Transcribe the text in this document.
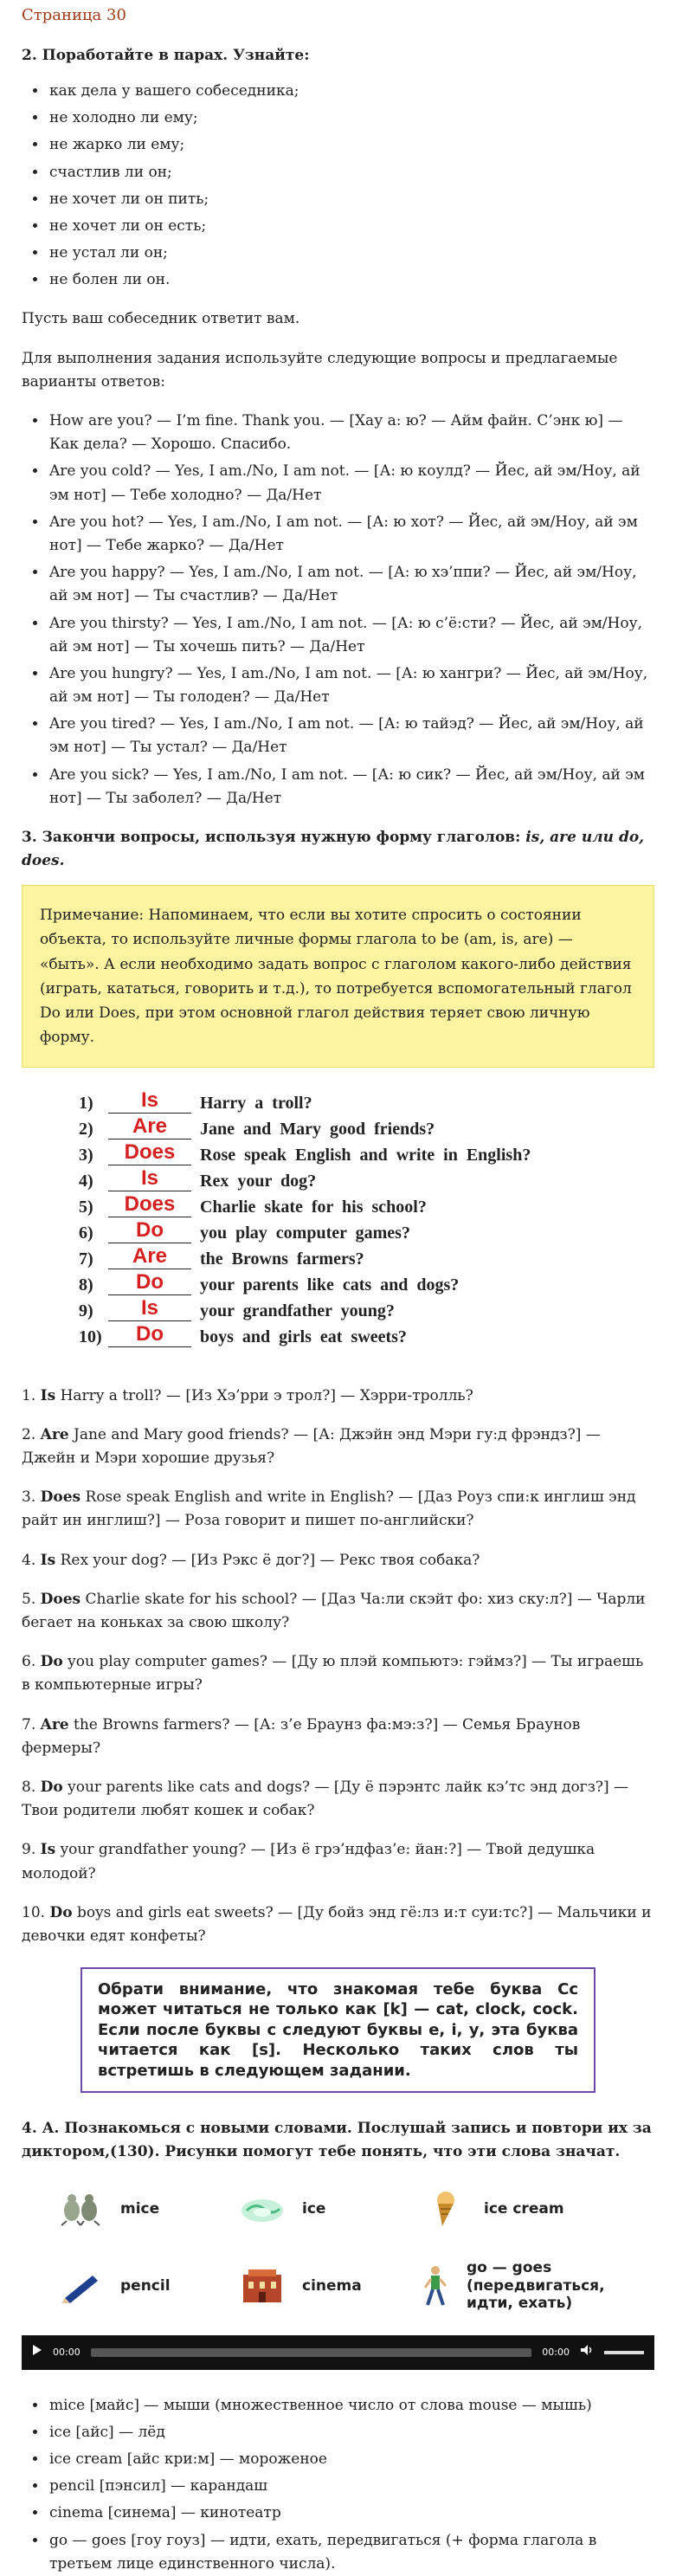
Страница 30
2. Поработайте в парах. Узнайте:
• как дела у вашего собеседника;
• не холодно ли ему;
• не жарко ли ему;
• счастлив ли он;
• не хочет ли он пить;
• не хочет ли он есть;
• не устал ли он;
• не болен ли он.

Пусть ваш собеседник ответит вам.

Для выполнения задания используйте следующие вопросы и предлагаемые варианты ответов:

• How are you? — I’m fine. Thank you. — [Хау а: ю? — Айм файн. С’энк ю] — Как дела? — Хорошо. Спасибо.
• Are you cold? — Yes, I am./No, I am not. — [А: ю коулд? — Йес, ай эм/Ноу, ай эм нот] — Тебе холодно? — Да/Нет
• Are you hot? — Yes, I am./No, I am not. — [А: ю хот? — Йес, ай эм/Ноу, ай эм нот] — Тебе жарко? — Да/Нет
• Are you happy? — Yes, I am./No, I am not. — [А: ю хэ’ппи? — Йес, ай эм/Ноу, ай эм нот] — Ты счастлив? — Да/Нет
• Are you thirsty? — Yes, I am./No, I am not. — [А: ю с’ё:сти? — Йес, ай эм/Ноу, ай эм нот] — Ты хочешь пить? — Да/Нет
• Are you hungry? — Yes, I am./No, I am not. — [А: ю хангри? — Йес, ай эм/Ноу, ай эм нот] — Ты голоден? — Да/Нет
• Are you tired? — Yes, I am./No, I am not. — [А: ю тайэд? — Йес, ай эм/Ноу, ай эм нот] — Ты устал? — Да/Нет
• Are you sick? — Yes, I am./No, I am not. — [А: ю сик? — Йес, ай эм/Ноу, ай эм нот] — Ты заболел? — Да/Нет
3. Закончи вопросы, используя нужную форму глаголов: is, are или do, does.
Примечание: Напоминаем, что если вы хотите спросить о состоянии объекта, то используйте личные формы глагола to be (am, is, are) — «быть». А если необходимо задать вопрос с глаголом какого-либо действия (играть, кататься, говорить и т.д.), то потребуется вспомогательный глагол Do или Does, при этом основной глагол действия теряет свою личную форму.
1)	Is	Harry a troll?
2)	Are	Jane and Mary good friends?
3)	Does	Rose speak English and write in English?
4)	Is	Rex your dog?
5)	Does	Charlie skate for his school?
6)	Do	you play computer games?
7)	Are	the Browns farmers?
8)	Do	your parents like cats and dogs?
9)	Is	your grandfather young?
10)	Do	boys and girls eat sweets?

1. Is Harry a troll? — [Из Хэ’рри э трол?] — Хэрри-тролль?

2. Are Jane and Mary good friends? — [А: Джэйн энд Мэри гу:д фрэндз?] — Джейн и Мэри хорошие друзья?

3. Does Rose speak English and write in English? — [Даз Роуз спи:к инглиш энд райт ин инглиш?] — Роза говорит и пишет по-английски?

4. Is Rex your dog? — [Из Рэкс ё дог?] — Рекс твоя собака?

5. Does Charlie skate for his school? — [Даз Ча:ли скэйт фо: хиз ску:л?] — Чарли бегает на коньках за свою школу?

6. Do you play computer games? — [Ду ю плэй компьютэ: гэймз?] — Ты играешь в компьютерные игры?

7. Are the Browns farmers? — [А: з’е Браунз фа:мэ:з?] — Семья Браунов фермеры?

8. Do your parents like cats and dogs? — [Ду ё пэрэнтс лайк кэ’тс энд догз?] — Твои родители любят кошек и собак?

9. Is your grandfather young? — [Из ё грэ’ндфаз’е: йан:?] — Твой дедушка молодой?

10. Do boys and girls eat sweets? — [Ду бойз энд гё:лз и:т суи:тс?] — Мальчики и девочки едят конфеты?

Обрати внимание, что знакомая тебе буква Сс может читаться не только как [k] — cat, clock, cock. Если после буквы с следуют буквы е, i, у, эта буква читается как [s]. Несколько таких слов ты встретишь в следующем задании.
4. А. Познакомься с новыми словами. Послушай запись и повтори их за диктором,(130). Рисунки помогут тебе понять, что эти слова значат.
mice	ice	ice cream
pencil	cinema
go — goes (передвигаться, идти, ехать)
00:00	00:00
• mice [майс] — мыши (множественное число от слова mouse — мышь)
• ice [айс] — лёд
• ice cream [айс кри:м] — мороженое
• pencil [пэнсил] — карандаш
• cinema [синема] — кинотеатр
• go — goes [гоу гоуз] — идти, ехать, передвигаться (+ форма глагола в третьем лице единственного числа).
